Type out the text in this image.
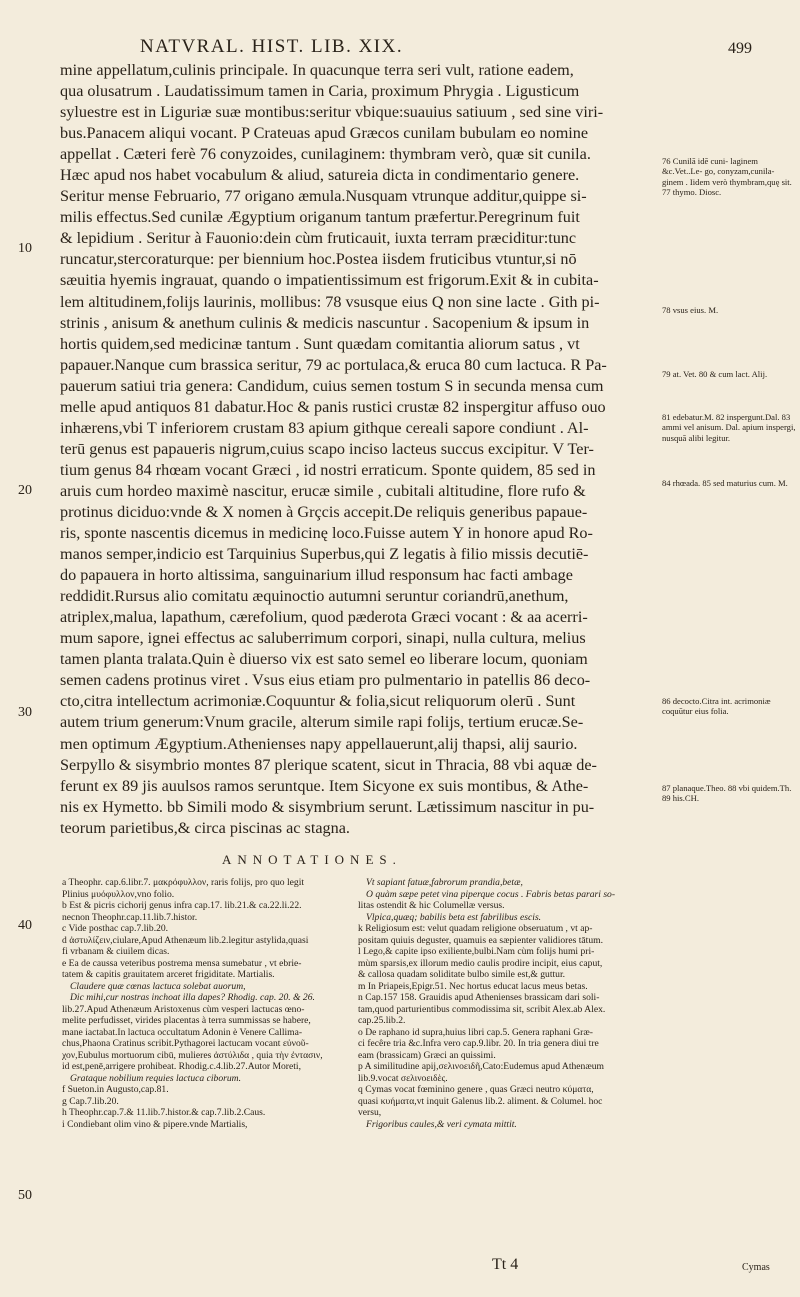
NATVRAL. HIST. LIB. XIX.	499
mine appellatum,culinis principale. In quacunque terra seri vult, ratione eadem,
qua olusatrum . Laudatissimum tamen in Caria, proximum Phrygia . Ligusticum
syluestre est in Liguriæ suæ montibus:seritur vbique:suauius satiuum , sed sine viri-
bus.Panacem aliqui vocant. P Crateuas apud Græcos cunilam bubulam eo nomine
appellat . Cæteri ferè 76 conyzoides, cunilaginem: thymbram verò, quæ sit cunila.
Hæc apud nos habet vocabulum & aliud, satureia dicta in condimentario genere.
Seritur mense Februario, 77 origano æmula.Nusquam vtrunque additur,quippe si-
milis effectus.Sed cunilæ Ægyptium origanum tantum præfertur.Peregrinum fuit
& lepidium . Seritur à Fauonio:dein cùm fruticauit, iuxta terram præciditur:tunc
runcatur,stercoraturque: per biennium hoc.Postea iisdem fruticibus vtuntur,si nō
sæuitia hyemis ingrauat, quando o impatientissimum est frigorum.Exit & in cubita-
lem altitudinem,folijs laurinis, mollibus: 78 vsusque eius Q non sine lacte . Gith pi-
strinis , anisum & anethum culinis & medicis nascuntur . Sacopenium & ipsum in
hortis quidem,sed medicinæ tantum . Sunt quædam comitantia aliorum satus , vt
papauer.Nanque cum brassica seritur, 79 ac portulaca,& eruca 80 cum lactuca. R Pa-
pauerum satiui tria genera: Candidum, cuius semen tostum S in secunda mensa cum
melle apud antiquos 81 dabatur.Hoc & panis rustici crustæ 82 inspergitur affuso ouo
inhærens,vbi T inferiorem crustam 83 apium githque cereali sapore condiunt . Al-
terū genus est papaueris nigrum,cuius scapo inciso lacteus succus excipitur. V Ter-
tium genus 84 rhœam vocant Græci , id nostri erraticum. Sponte quidem, 85 sed in
aruis cum hordeo maximè nascitur, erucæ simile , cubitali altitudine, flore rufo &
protinus diciduo:vnde & X nomen à Grçcis accepit.De reliquis generibus papaue-
ris, sponte nascentis dicemus in medicinę loco.Fuisse autem Y in honore apud Ro-
manos semper,indicio est Tarquinius Superbus,qui Z legatis à filio missis decutiē-
do papauera in horto altissima, sanguinarium illud responsum hac facti ambage
reddidit.Rursus alio comitatu æquinoctio autumni seruntur coriandrū,anethum,
atriplex,malua, lapathum, cærefolium, quod pæderota Græci vocant : & aa acerri-
mum sapore, ignei effectus ac saluberrimum corpori, sinapi, nulla cultura, melius
tamen planta tralata.Quin è diuerso vix est sato semel eo liberare locum, quoniam
semen cadens protinus viret . Vsus eius etiam pro pulmentario in patellis 86 deco-
cto,citra intellectum acrimoniæ.Coquuntur & folia,sicut reliquorum olerū . Sunt
autem trium generum:Vnum gracile, alterum simile rapi folijs, tertium erucæ.Se-
men optimum Ægyptium.Athenienses napy appellauerunt,alij thapsi, alij saurio.
Serpyllo & sisymbrio montes 87 plerique scatent, sicut in Thracia, 88 vbi aquæ de-
ferunt ex 89 jis auulsos ramos seruntque. Item Sicyone ex suis montibus, & Athe-
nis ex Hymetto. bb Simili modo & sisymbrium serunt. Lætissimum nascitur in pu-
teorum parietibus,& circa piscinas ac stagna.
10
20
30
40
50
76 Cunilā idē cuni- laginem &c.Vet..Le- go, conyzam,cunila- ginem . Iidem verò thymbram,quę sit. 77 thymo. Diosc.
78 vsus eius. M.
79 at. Vet. 80 & cum lact. Alij.
81 edebatur.M. 82 inspergunt.Dal. 83 ammi vel anisum. Dal. apium inspergi, nusquā alibi legitur.
84 rhœada. 85 sed maturius cum. M.
86 decocto.Citra int. acrimoniæ coquūtur eius folia.
87 planaque.Theo. 88 vbi quidem.Th. 89 his.CH.
ANNOTATIONES.
a Theophr. cap.6.libr.7. μακρόφυλλον, raris folijs, pro quo legit
Plinius μυόφυλλον,vno folio.
b Est & picris cichorij genus infra cap.17. lib.21.& ca.22.li.22.
necnon Theophr.cap.11.lib.7.histor.
c Vide posthac cap.7.lib.20.
d ἀστυλίζειν,ciulare,Apud Athenæum lib.2.legitur astylida,quasi
fi vrbanam & ciuilem dicas.
e Ea de caussa veteribus postrema mensa sumebatur , vt ebrie-
tatem & capitis grauitatem arceret frigiditate. Martialis.
Claudere quæ cœnas lactuca solebat auorum,
Dic mihi,cur nostras inchoat illa dapes? Rhodig. cap. 20. & 26.
lib.27.Apud Athenæum Aristoxenus cùm vesperi lactucas œno-
melite perfudisset, virides placentas à terra summissas se habere,
mane iactabat.In lactuca occultatum Adonin è Venere Callima-
chus,Phaona Cratinus scribit.Pythagorei lactucam vocant εὐνοῦ-
χον,Eubulus mortuorum cibū, mulieres ἀστύλιδα , quia τὴν ἐντασιν,
id est,penē,arrigere prohibeat. Rhodig.c.4.lib.27.Autor Moreti,
Grataque nobilium requies lactuca ciborum.
f Sueton.in Augusto,cap.81.
g Cap.7.lib.20.
h Theophr.cap.7.& 11.lib.7.histor.& cap.7.lib.2.Caus.
i Condiebant olim vino & pipere.vnde Martialis,
Vt sapiant fatuæ,fabrorum prandia,betæ,
O quàm sæpe petet vina piperque cocus . Fabris betas parari so-
litas ostendit & hic Columellæ versus.
Vlpica,quæq; babilis beta est fabrilibus escis.
k Religiosum est: velut quadam religione obseruatum , vt ap-
positam quiuis deguster, quamuis ea sæpienter validiores tātum.
l Lego,& capite ipso exiliente,bulbi.Nam cùm folijs humi pri-
mùm sparsis,ex illorum medio caulis prodire incipit, eius caput,
& callosa quadam soliditate bulbo simile est,& guttur.
m In Priapeis,Epigr.51. Nec hortus educat lacus meus betas.
n Cap.157 158. Grauidis apud Athenienses brassicam dari soli-
tam,quod parturientibus commodissima sit, scribit Alex.ab Alex.
cap.25.lib.2.
o De raphano id supra,huius libri cap.5. Genera raphani Græ-
ci fecêre tria &c.Infra vero cap.9.libr. 20. In tria genera diui tre
eam (brassicam) Græci an quissimi.
p A similitudine apij,σελινοειδῆ,Cato:Eudemus apud Athenæum
lib.9.vocat σελινοειδὲς.
q Cymas vocat fœminino genere , quas Græci neutro κύματα,
quasi κυήματα,vt inquit Galenus lib.2. aliment. & Columel. hoc
versu,
Frigoribus caules,& veri cymata mittit.
Tt 4	Cymas
